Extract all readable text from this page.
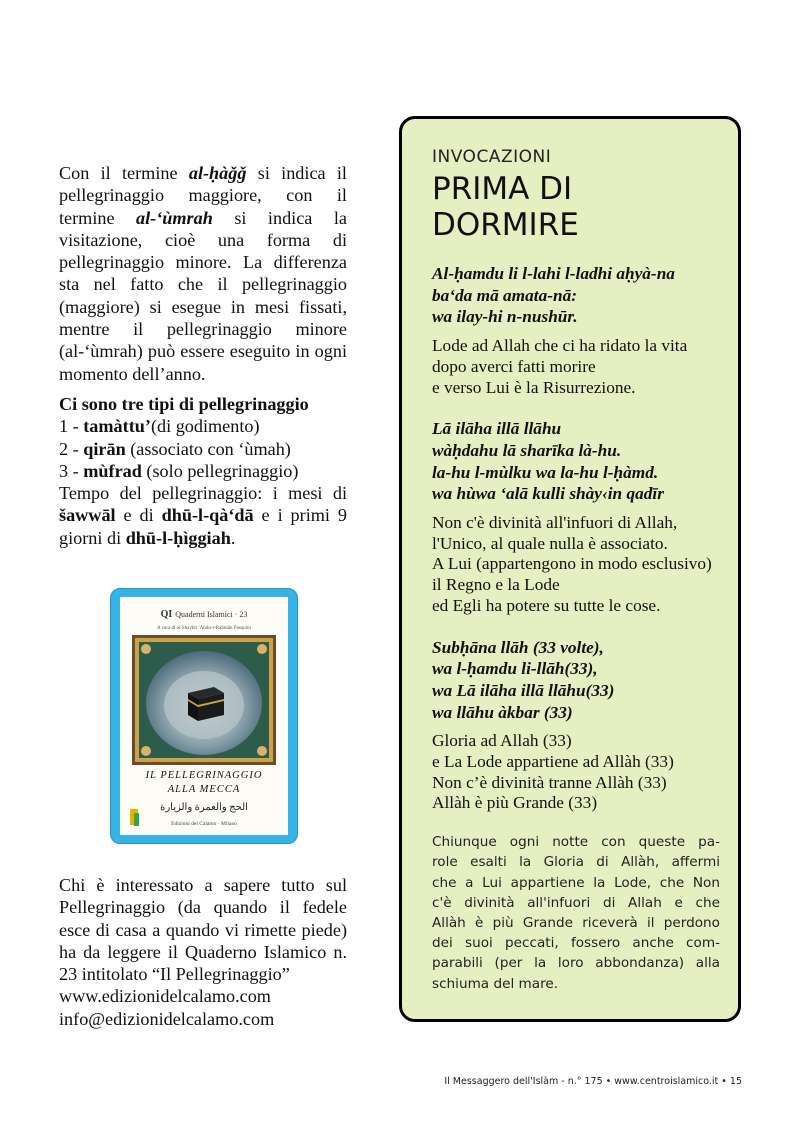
Con il termine al-ḥàǧǧ si indica il pellegrinaggio maggiore, con il termine al-‘ùmrah si indica la visitazione, cioè una forma di pellegrinaggio minore. La differenza sta nel fatto che il pellegrinaggio (maggiore) si esegue in mesi fissati, mentre il pellegrinaggio minore (al-‘ùmrah) può essere eseguito in ogni momento dell’anno.

Ci sono tre tipi di pellegrinaggio
1 - tamàttu’(di godimento)
2 - qirān (associato con ‘ùmah)
3 - mùfrad (solo pellegrinaggio)
Tempo del pellegrinaggio: i mesi di šawwāl e di dhū-l-qà‘dā e i primi 9 giorni di dhū-l-ḥìggiah.

QI Quaderni Islamici · 23
A cura di al-Shaykh ’Abdu-r-Rahmān Pasquini
IL PELLEGRINAGGIO
ALLA MECCA
الحج والعمرة والزيارة
Edizioni del Càlamo · Milano

Chi è interessato a sapere tutto sul Pellegrinaggio (da quando il fedele esce di casa a quando vi rimette piede) ha da leggere il Quaderno Islamico n. 23 intitolato “Il Pellegrinaggio”

www.edizionidelcalamo.com
info@edizionidelcalamo.com

INVOCAZIONI

PRIMA DI
DORMIRE

Al-ḥamdu li l-lahi l-ladhi aḥyà-na
ba‘da mā amata-nā:
wa ilay-hi n-nushūr.

Lode ad Allah che ci ha ridato la vita
dopo averci fatti morire
e verso Lui è la Risurrezione.

Lā ilāha illā llāhu
wàḥdahu lā sharīka là-hu.
la-hu l-mùlku wa la-hu l-ḥàmd.
wa hùwa ‘alā kulli shày‹in qadīr

Non c'è divinità all'infuori di Allah,
l'Unico, al quale nulla è associato.
A Lui (appartengono in modo esclusivo) il Regno e la Lode
ed Egli ha potere su tutte le cose.

Subḥāna llāh (33 volte),
wa l-ḥamdu li-llāh(33),
wa Lā ilāha illā llāhu(33)
wa llāhu àkbar (33)

Gloria ad Allah (33)
e La Lode appartiene ad Allàh (33)
Non c’è divinità tranne Allàh (33)
Allàh è più Grande (33)

Chiunque ogni notte con queste pa-
role esalti la Gloria di Allàh, affermi
che a Lui appartiene la Lode, che Non
c'è divinità all'infuori di Allah e che
Allàh è più Grande riceverà il perdono
dei suoi peccati, fossero anche com-
parabili (per la loro abbondanza) alla
schiuma del mare.

Il Messaggero dell'Islàm - n.° 175 • www.centroislamico.it • 15
